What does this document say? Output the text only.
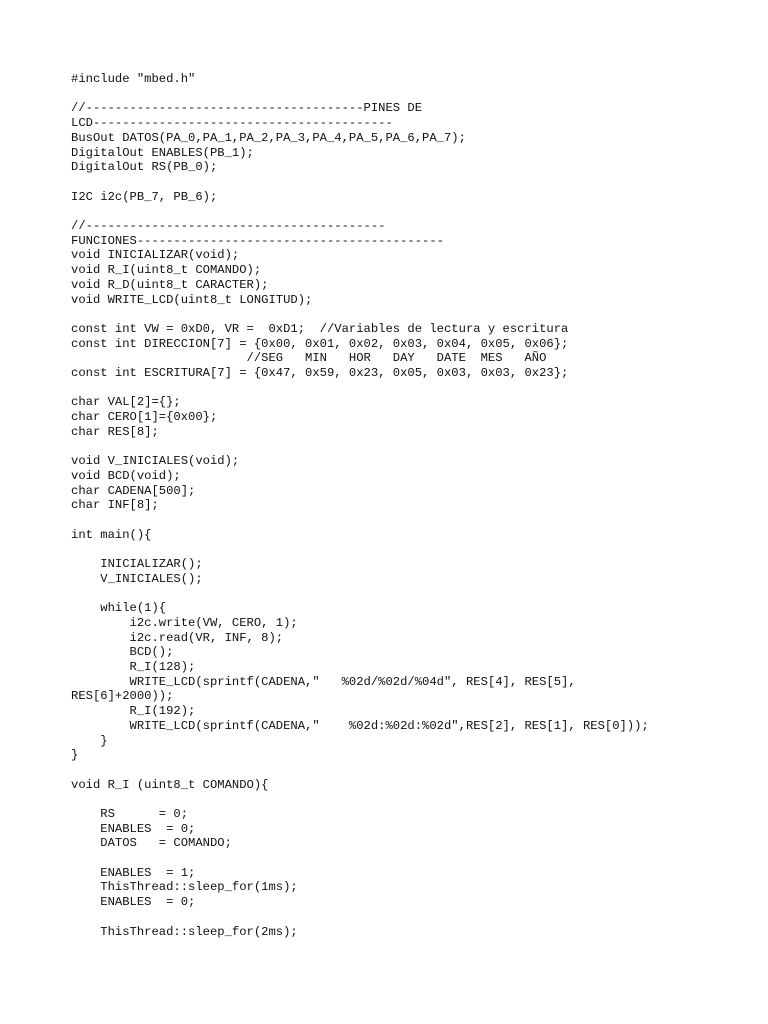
#include "mbed.h"
//--------------------------------------PINES DE
LCD-----------------------------------------
BusOut DATOS(PA_0,PA_1,PA_2,PA_3,PA_4,PA_5,PA_6,PA_7);
DigitalOut ENABLES(PB_1);
DigitalOut RS(PB_0);
I2C i2c(PB_7, PB_6);
//-----------------------------------------
FUNCIONES------------------------------------------
void INICIALIZAR(void);
void R_I(uint8_t COMANDO);
void R_D(uint8_t CARACTER);
void WRITE_LCD(uint8_t LONGITUD);
const int VW = 0xD0, VR =  0xD1;  //Variables de lectura y escritura
const int DIRECCION[7] = {0x00, 0x01, 0x02, 0x03, 0x04, 0x05, 0x06};
//SEG   MIN   HOR   DAY   DATE  MES   AÑO
const int ESCRITURA[7] = {0x47, 0x59, 0x23, 0x05, 0x03, 0x03, 0x23};
char VAL[2]={};
char CERO[1]={0x00};
char RES[8];
void V_INICIALES(void);
void BCD(void);
char CADENA[500];
char INF[8];
int main(){
INICIALIZAR();
V_INICIALES();
while(1){
i2c.write(VW, CERO, 1);
i2c.read(VR, INF, 8);
BCD();
R_I(128);
WRITE_LCD(sprintf(CADENA,"   %02d/%02d/%04d", RES[4], RES[5],
RES[6]+2000));
R_I(192);
WRITE_LCD(sprintf(CADENA,"    %02d:%02d:%02d",RES[2], RES[1], RES[0]));
}
}
void R_I (uint8_t COMANDO){
RS      = 0;
ENABLES  = 0;
DATOS   = COMANDO;
ENABLES  = 1;
ThisThread::sleep_for(1ms);
ENABLES  = 0;
ThisThread::sleep_for(2ms);
